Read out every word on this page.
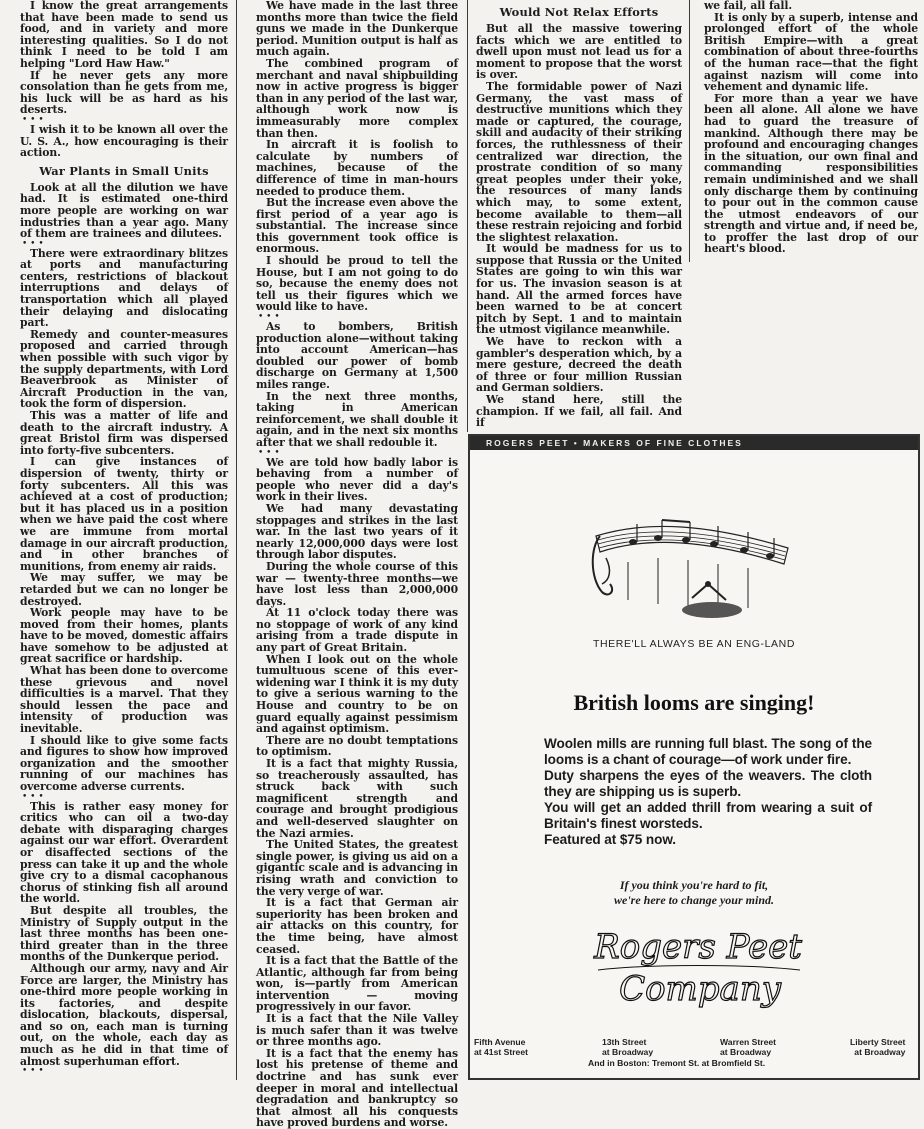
I know the great arrangements that have been made to send us food, and in variety and more interesting qualities. So I do not think I need to be told I am helping "Lord Haw Haw."

If he never gets any more consolation than he gets from me, his luck will be as hard as his deserts.

• • •

I wish it to be known all over the U. S. A., how encouraging is their action.

War Plants in Small Units

Look at all the dilution we have had. It is estimated one-third more people are working on war industries than a year ago. Many of them are trainees and dilutees.

• • •

There were extraordinary blitzes at ports and manufacturing centers, restrictions of blackout interruptions and delays of transportation which all played their delaying and dislocating part.

Remedy and counter-measures proposed and carried through when possible with such vigor by the supply departments, with Lord Beaverbrook as Minister of Aircraft Production in the van, took the form of dispersion.

This was a matter of life and death to the aircraft industry. A great Bristol firm was dispersed into forty-five subcenters.

I can give instances of dispersion of twenty, thirty or forty subcenters. All this was achieved at a cost of production; but it has placed us in a position when we have paid the cost where we are immune from mortal damage in our aircraft production, and in other branches of munitions, from enemy air raids.

We may suffer, we may be retarded but we can no longer be destroyed.

Work people may have to be moved from their homes, plants have to be moved, domestic affairs have somehow to be adjusted at great sacrifice or hardship.

What has been done to overcome these grievous and novel difficulties is a marvel. That they should lessen the pace and intensity of production was inevitable.

I should like to give some facts and figures to show how improved organization and the smoother running of our machines has overcome adverse currents.

• • •

This is rather easy money for critics who can oil a two-day debate with disparaging charges against our war effort. Overardent or disaffected sections of the press can take it up and the whole give cry to a dismal cacophanous chorus of stinking fish all around the world.

But despite all troubles, the Ministry of Supply output in the last three months has been one-third greater than in the three months of the Dunkerque period.

Although our army, navy and Air Force are larger, the Ministry has one-third more people working in its factories, and despite dislocation, blackouts, dispersal, and so on, each man is turning out, on the whole, each day as much as he did in that time of almost superhuman effort.

• • •

We have made in the last three months more than twice the field guns we made in the Dunkerque period. Munition output is half as much again.

The combined program of merchant and naval shipbuilding now in active progress is bigger than in any period of the last war, although work now is immeasurably more complex than then.

In aircraft it is foolish to calculate by numbers of machines, because of the difference of time in man-hours needed to produce them.

But the increase even above the first period of a year ago is substantial. The increase since this government took office is enormous.

I should be proud to tell the House, but I am not going to do so, because the enemy does not tell us their figures which we would like to have.

• • •

As to bombers, British production alone—without taking into account American—has doubled our power of bomb discharge on Germany at 1,500 miles range.

In the next three months, taking in American reinforcement, we shall double it again, and in the next six months after that we shall redouble it.

• • •

We are told how badly labor is behaving from a number of people who never did a day's work in their lives.

We had many devastating stoppages and strikes in the last war. In the last two years of it nearly 12,000,000 days were lost through labor disputes.

During the whole course of this war — twenty-three months—we have lost less than 2,000,000 days.

At 11 o'clock today there was no stoppage of work of any kind arising from a trade dispute in any part of Great Britain.

When I look out on the whole tumultuous scene of this ever-widening war I think it is my duty to give a serious warning to the House and country to be on guard equally against pessimism and against optimism.

There are no doubt temptations to optimism.

It is a fact that mighty Russia, so treacherously assaulted, has struck back with such magnificent strength and courage and brought prodigious and well-deserved slaughter on the Nazi armies.

The United States, the greatest single power, is giving us aid on a gigantic scale and is advancing in rising wrath and conviction to the very verge of war.

It is a fact that German air superiority has been broken and air attacks on this country, for the time being, have almost ceased.

It is a fact that the Battle of the Atlantic, although far from being won, is—partly from American intervention — moving progressively in our favor.

It is a fact that the Nile Valley is much safer than it was twelve or three months ago.

It is a fact that the enemy has lost his pretense of theme and doctrine and has sunk ever deeper in moral and intellectual degradation and bankruptcy so that almost all his conquests have proved burdens and worse.

Would Not Relax Efforts

But all the massive towering facts which we are entitled to dwell upon must not lead us for a moment to propose that the worst is over.

The formidable power of Nazi Germany, the vast mass of destructive munitions which they made or captured, the courage, skill and audacity of their striking forces, the ruthlessness of their centralized war direction, the prostrate condition of so many great peoples under their yoke, the resources of many lands which may, to some extent, become available to them—all these restrain rejoicing and forbid the slightest relaxation.

It would be madness for us to suppose that Russia or the United States are going to win this war for us. The invasion season is at hand. All the armed forces have been warned to be at concert pitch by Sept. 1 and to maintain the utmost vigilance meanwhile.

We have to reckon with a gambler's desperation which, by a mere gesture, decreed the death of three or four million Russian and German soldiers.

We stand here, still the champion. If we fail, all fail. And if

we fail, all fall.

It is only by a superb, intense and prolonged effort of the whole British Empire—with a great combination of about three-fourths of the human race—that the fight against nazism will come into vehement and dynamic life.

For more than a year we have been all alone. All alone we have had to guard the treasure of mankind. Although there may be profound and encouraging changes in the situation, our own final and commanding responsibilities remain undiminished and we shall only discharge them by continuing to pour out in the common cause the utmost endeavors of our strength and virtue and, if need be, to proffer the last drop of our heart's blood.

ROGERS PEET • MAKERS OF FINE CLOTHES
THERE'LL ALWAYS BE AN ENG-LAND
British looms are singing!

Woolen mills are running full blast. The song of the looms is a chant of courage—of work under fire.

Duty sharpens the eyes of the weavers. The cloth they are shipping us is superb.

You will get an added thrill from wearing a suit of Britain's finest worsteds.

Featured at $75 now.

If you think you're hard to fit,
we're here to change your mind.
Rogers Peet
Company
Fifth Avenue
at 41st Street
13th Street
at Broadway
Warren Street
at Broadway
Liberty Street
at Broadway
And in Boston: Tremont St. at Bromfield St.
